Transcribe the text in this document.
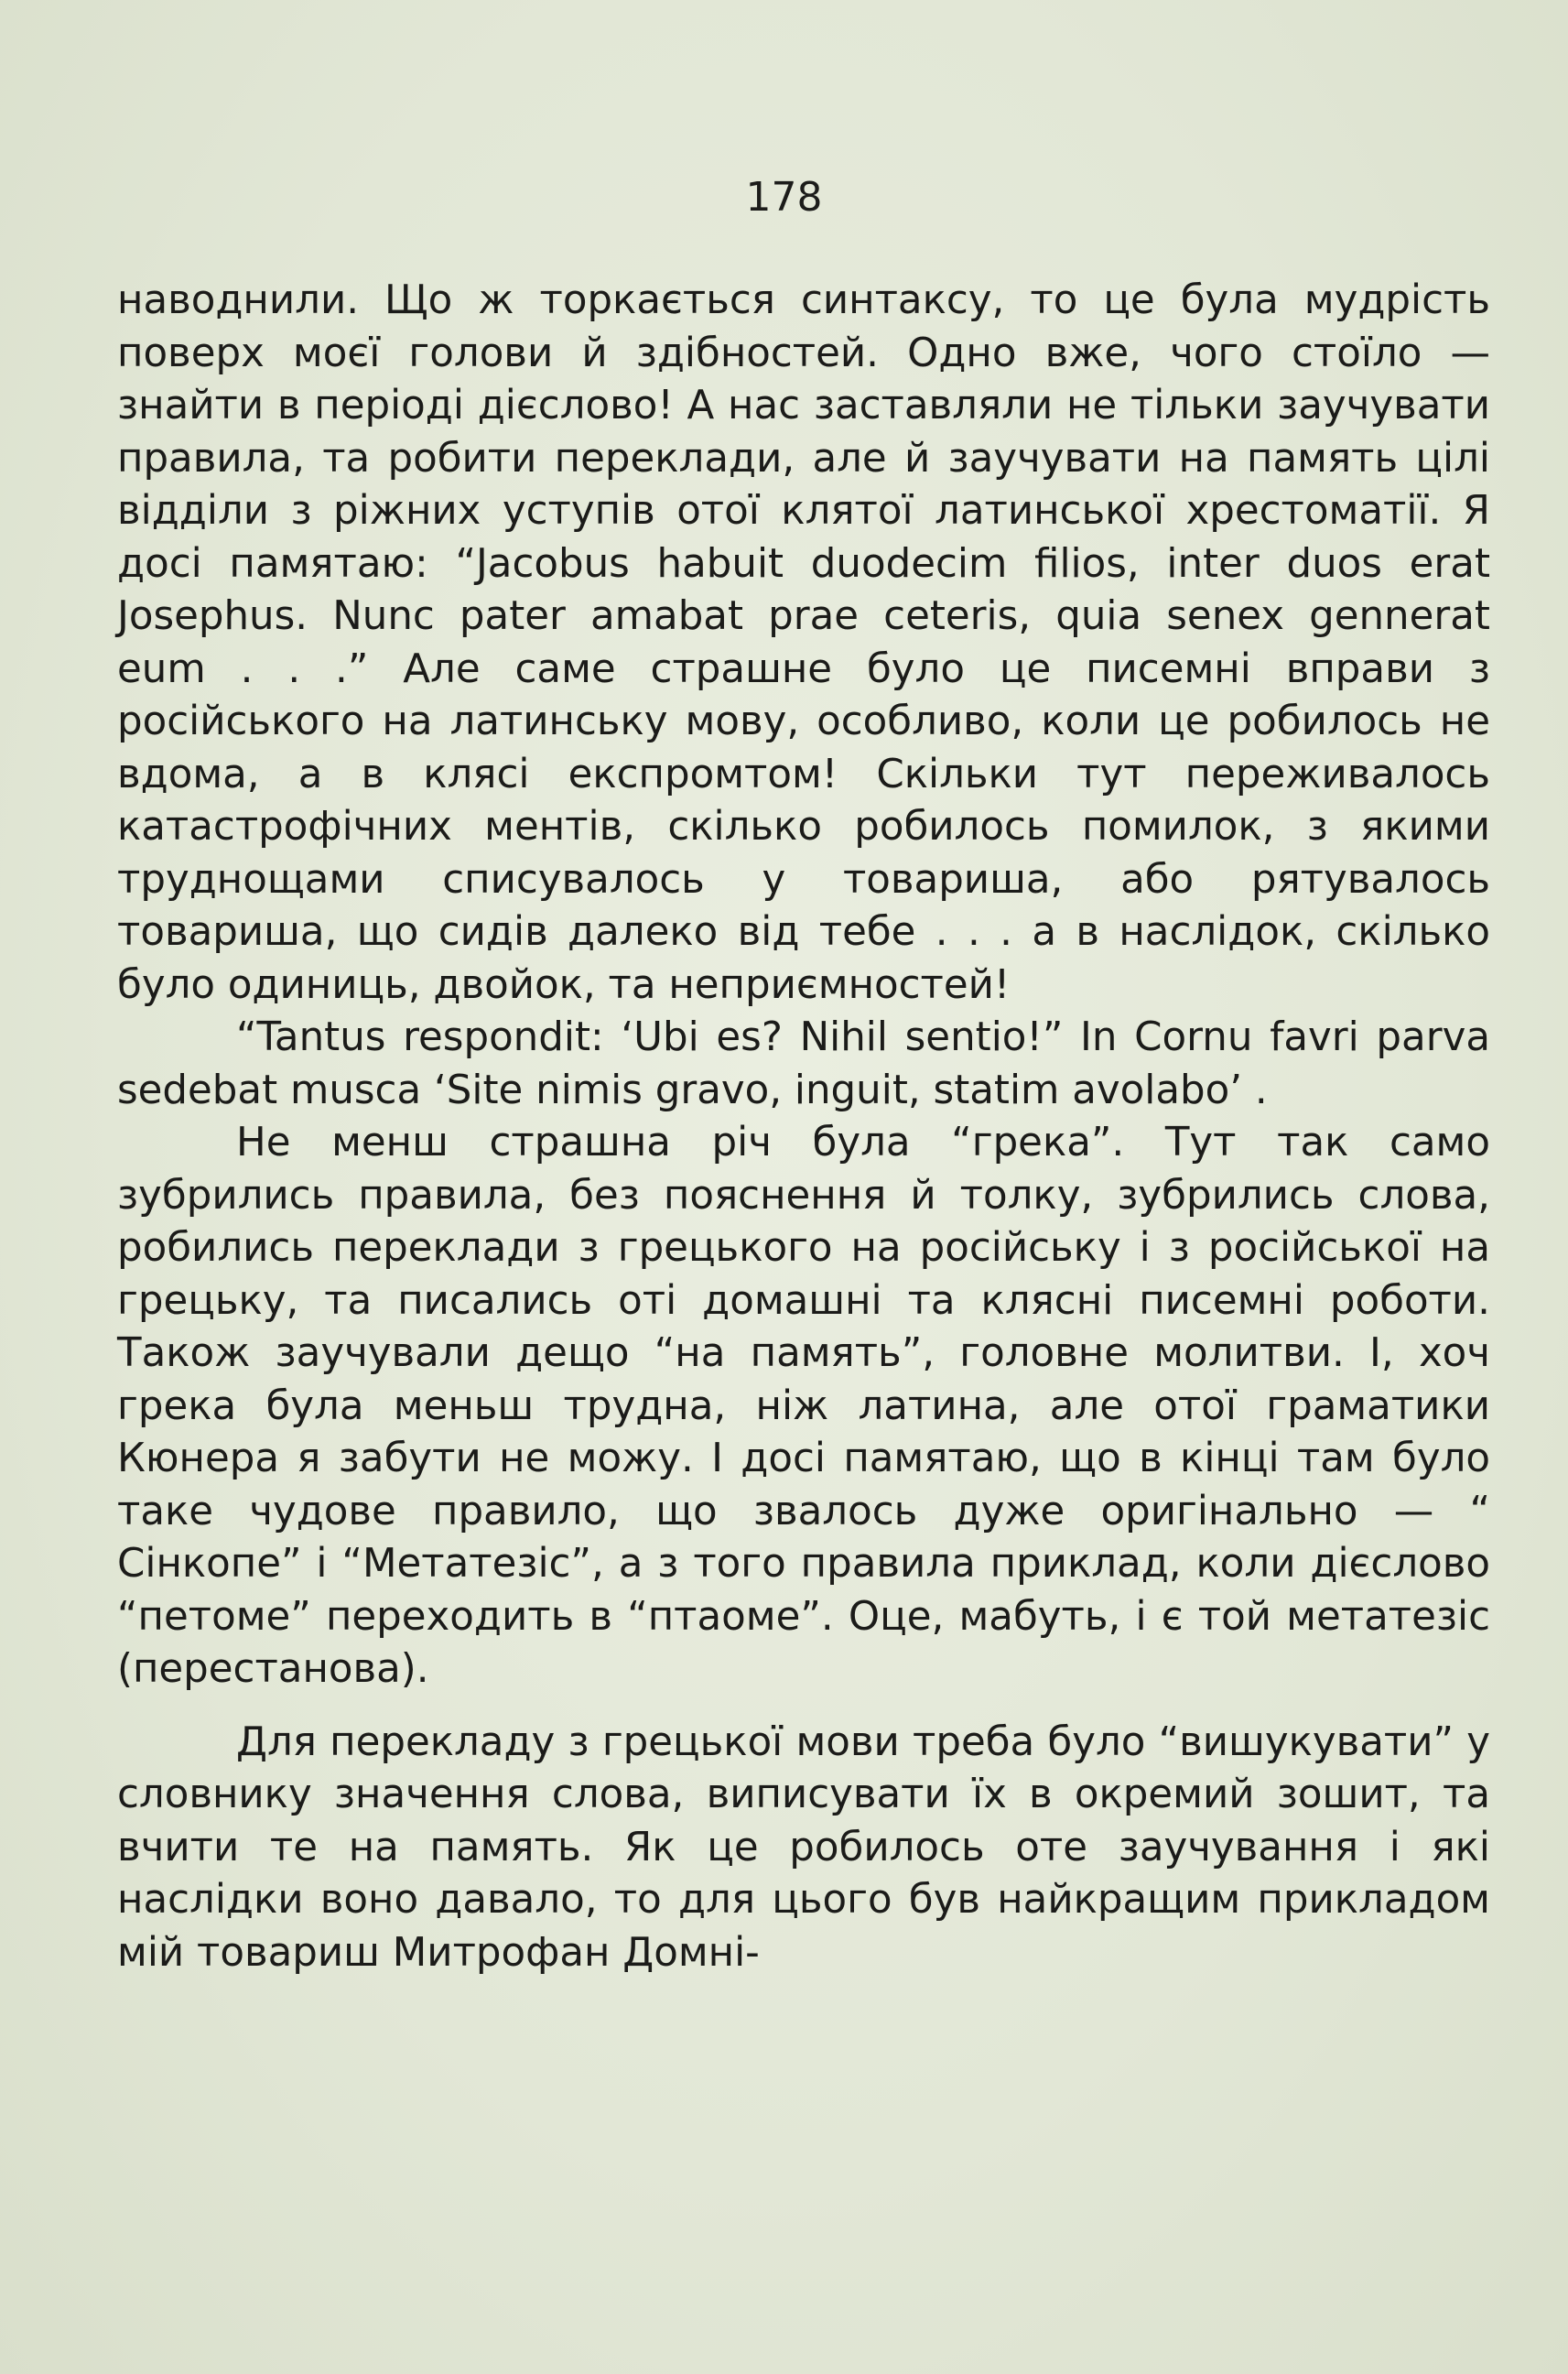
178

наводнили. Що ж торкається синтаксу, то це була мудрість поверх моєї голови й здібностей. Одно вже, чого стоїло — знайти в періоді дієслово! А нас заставляли не тільки заучувати правила, та робити переклади, але й заучувати на память цілі відділи з ріжних уступів отої клятої латинської хрестоматії. Я досі памятаю: “Jacobus habuit duodecim filios, inter duos erat Josephus. Nunc pater amabat prae ceteris, quia senex gennerat eum . . .” Але саме страшне було це писемні вправи з російського на латинську мову, особливо, коли це робилось не вдома, а в клясі експромтом! Скільки тут переживалось катастрофічних ментів, скілько робилось помилок, з якими труднощами списувалось у товариша, або рятувалось товариша, що сидів далеко від тебе . . . а в наслідок, скілько було одиниць, двойок, та неприємностей!

“Tantus respondit: ‘Ubi es? Nihil sentio!” In Cornu favri parva sedebat musca ‘Site nimis gravo, inguit, statim avolabo’ .

Не менш страшна річ була “грека”. Тут так само зубрились правила, без пояснення й толку, зубрились слова, робились переклади з грецького на російську і з російської на грецьку, та писались оті домашні та кляснi писемні роботи. Також заучували дещо “на память”, головне молитви. І, хоч грека була меньш трудна, ніж латина, але отої граматики Кюнера я забути не можу. І досі памятаю, що в кінці там було таке чудове правило, що звалось дуже оригінально — “ Сінкопе” і “Метатезіс”, а з того правила приклад, коли дієслово “петоме” переходить в “птаоме”. Оце, мабуть, і є той метатезіс (перестанова).

Для перекладу з грецької мови треба було “вишукувати” у словнику значення слова, виписувати їх в окремий зошит, та вчити те на память. Як це робилось оте заучування і які наслідки воно давало, то для цього був найкращим прикладом мій товариш Митрофан Домні-
